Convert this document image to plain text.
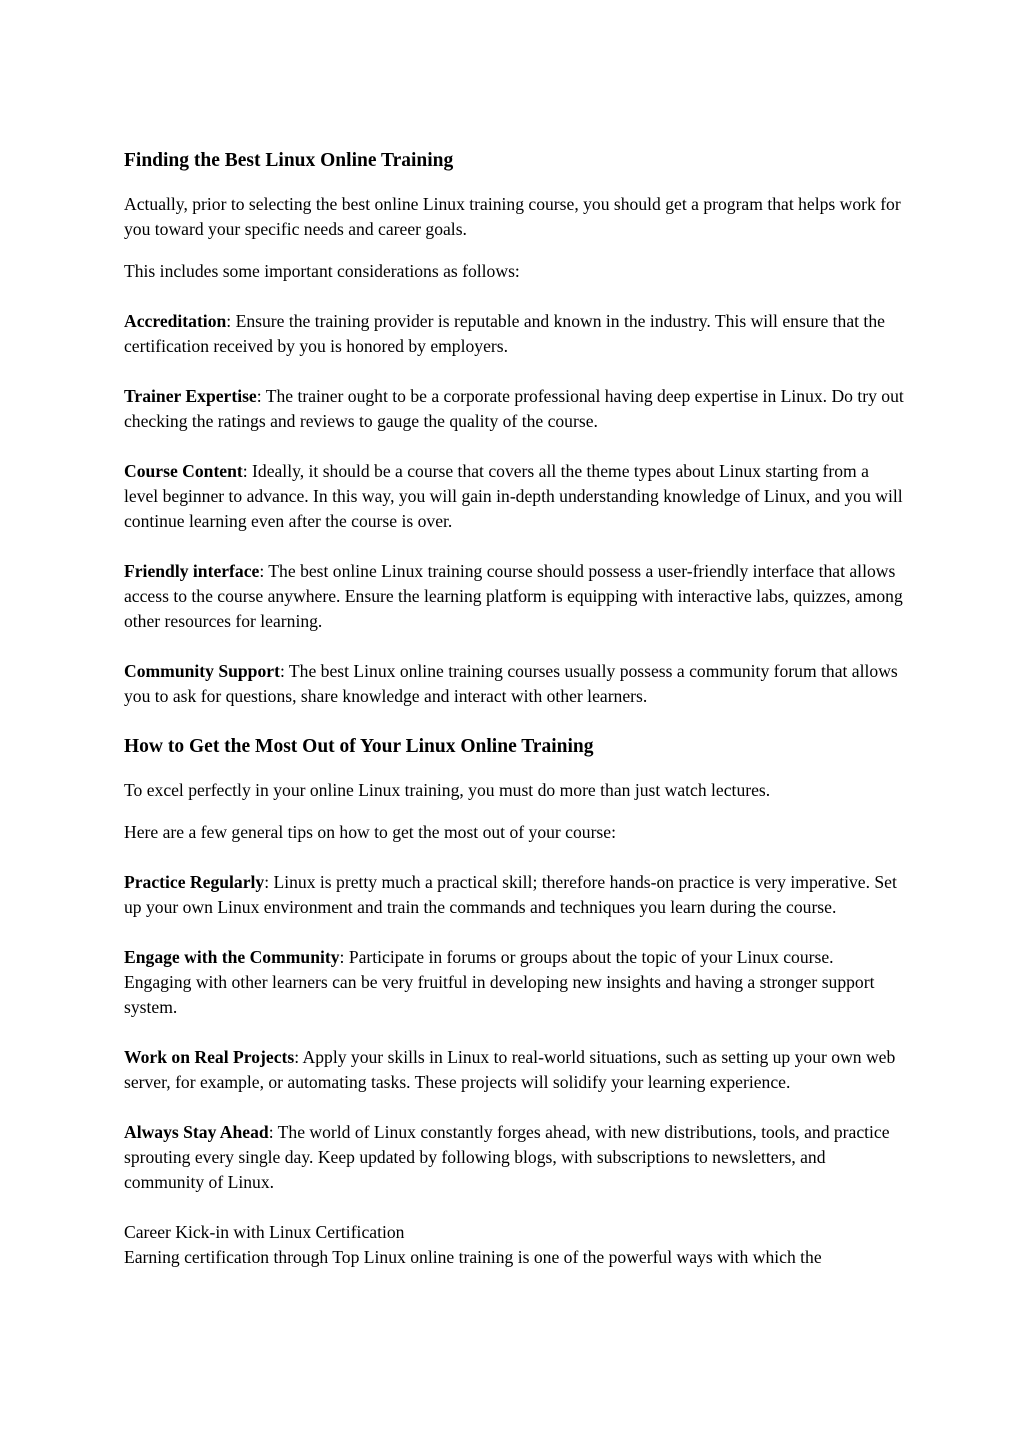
Finding the Best Linux Online Training

Actually, prior to selecting the best online Linux training course, you should get a program that helps work for you toward your specific needs and career goals.

This includes some important considerations as follows:

Accreditation: Ensure the training provider is reputable and known in the industry. This will ensure that the certification received by you is honored by employers.

Trainer Expertise: The trainer ought to be a corporate professional having deep expertise in Linux. Do try out checking the ratings and reviews to gauge the quality of the course.

Course Content: Ideally, it should be a course that covers all the theme types about Linux starting from a level beginner to advance. In this way, you will gain in-depth understanding knowledge of Linux, and you will continue learning even after the course is over.

Friendly interface: The best online Linux training course should possess a user-friendly interface that allows access to the course anywhere. Ensure the learning platform is equipping with interactive labs, quizzes, among other resources for learning.

Community Support: The best Linux online training courses usually possess a community forum that allows you to ask for questions, share knowledge and interact with other learners.

How to Get the Most Out of Your Linux Online Training

To excel perfectly in your online Linux training, you must do more than just watch lectures.

Here are a few general tips on how to get the most out of your course:

Practice Regularly: Linux is pretty much a practical skill; therefore hands-on practice is very imperative. Set up your own Linux environment and train the commands and techniques you learn during the course.

Engage with the Community: Participate in forums or groups about the topic of your Linux course. Engaging with other learners can be very fruitful in developing new insights and having a stronger support system.

Work on Real Projects: Apply your skills in Linux to real-world situations, such as setting up your own web server, for example, or automating tasks. These projects will solidify your learning experience.

Always Stay Ahead: The world of Linux constantly forges ahead, with new distributions, tools, and practice sprouting every single day. Keep updated by following blogs, with subscriptions to newsletters, and community of Linux.

Career Kick-in with Linux Certification

Earning certification through Top Linux online training is one of the powerful ways with which the
